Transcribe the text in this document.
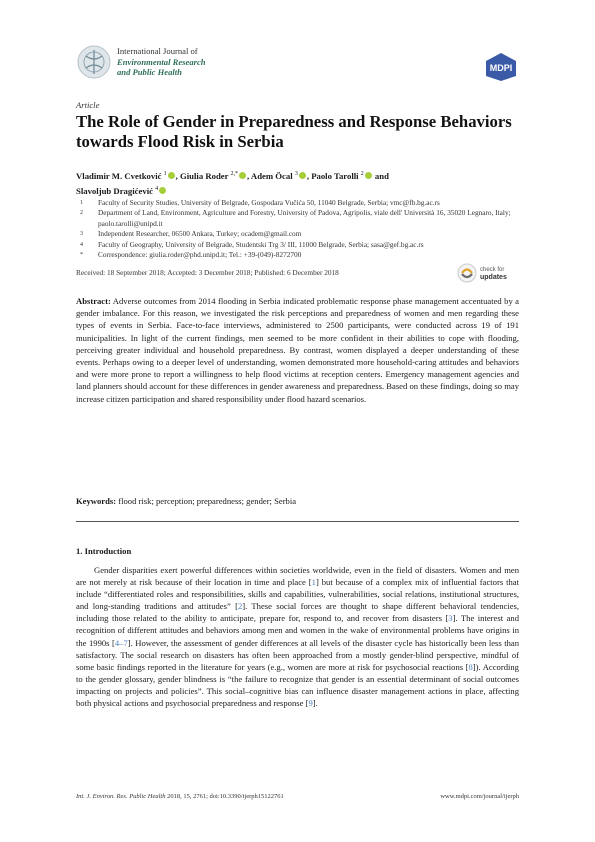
International Journal of
Environmental Research
and Public Health	MDPI
Article
The Role of Gender in Preparedness and Response Behaviors towards Flood Risk in Serbia
Vladimir M. Cvetković $^1$ , Giulia Roder $^{2,*}$ , Adem Öcal $^3$ , Paolo Tarolli $^2$ and
Slavoljub Dragićević $^4$
1	Faculty of Security Studies, University of Belgrade, Gospodara Vučića 50, 11040 Belgrade, Serbia; vmc@fb.bg.ac.rs
2	Department of Land, Environment, Agriculture and Forestry, University of Padova, Agripolis, viale dell' Università 16, 35020 Legnaro, Italy; paolo.tarolli@unipd.it
3	Independent Researcher, 06500 Ankara, Turkey; ocadem@gmail.com
4	Faculty of Geography, University of Belgrade, Studentski Trg 3/ III, 11000 Belgrade, Serbia; sasa@gef.bg.ac.rs
*	Correspondence: giulia.roder@phd.unipd.it; Tel.: +39-(049)-8272700
Received: 18 September 2018; Accepted: 3 December 2018; Published: 6 December 2018	check for
updates
Abstract: Adverse outcomes from 2014 flooding in Serbia indicated problematic response phase management accentuated by a gender imbalance. For this reason, we investigated the risk perceptions and preparedness of women and men regarding these types of events in Serbia. Face-to-face interviews, administered to 2500 participants, were conducted across 19 of 191 municipalities. In light of the current findings, men seemed to be more confident in their abilities to cope with flooding, perceiving greater individual and household preparedness. By contrast, women displayed a deeper understanding of these events. Perhaps owing to a deeper level of understanding, women demonstrated more household-caring attitudes and behaviors and were more prone to report a willingness to help flood victims at reception centers. Emergency management agencies and land planners should account for these differences in gender awareness and preparedness. Based on these findings, doing so may increase citizen participation and shared responsibility under flood hazard scenarios.
Keywords: flood risk; perception; preparedness; gender; Serbia
1. Introduction

Gender disparities exert powerful differences within societies worldwide, even in the field of disasters. Women and men are not merely at risk because of their location in time and place [1] but because of a complex mix of influential factors that include “differentiated roles and responsibilities, skills and capabilities, vulnerabilities, social relations, institutional structures, and long-standing traditions and attitudes” [2]. These social forces are thought to shape different behavioral tendencies, including those related to the ability to anticipate, prepare for, respond to, and recover from disasters [3]. The interest and recognition of different attitudes and behaviors among men and women in the wake of environmental problems have origins in the 1990s [4–7]. However, the assessment of gender differences at all levels of the disaster cycle has historically been less than satisfactory. The social research on disasters has often been approached from a mostly gender-blind perspective, mindful of some basic findings reported in the literature for years (e.g., women are more at risk for psychosocial reactions [8]). According to the gender glossary, gender blindness is “the failure to recognize that gender is an essential determinant of social outcomes impacting on projects and policies”. This social–cognitive bias can influence disaster management actions in place, affecting both physical actions and psychosocial preparedness and response [9].

Int. J. Environ. Res. Public Health 2018, 15, 2761; doi:10.3390/ijerph15122761	www.mdpi.com/journal/ijerph
